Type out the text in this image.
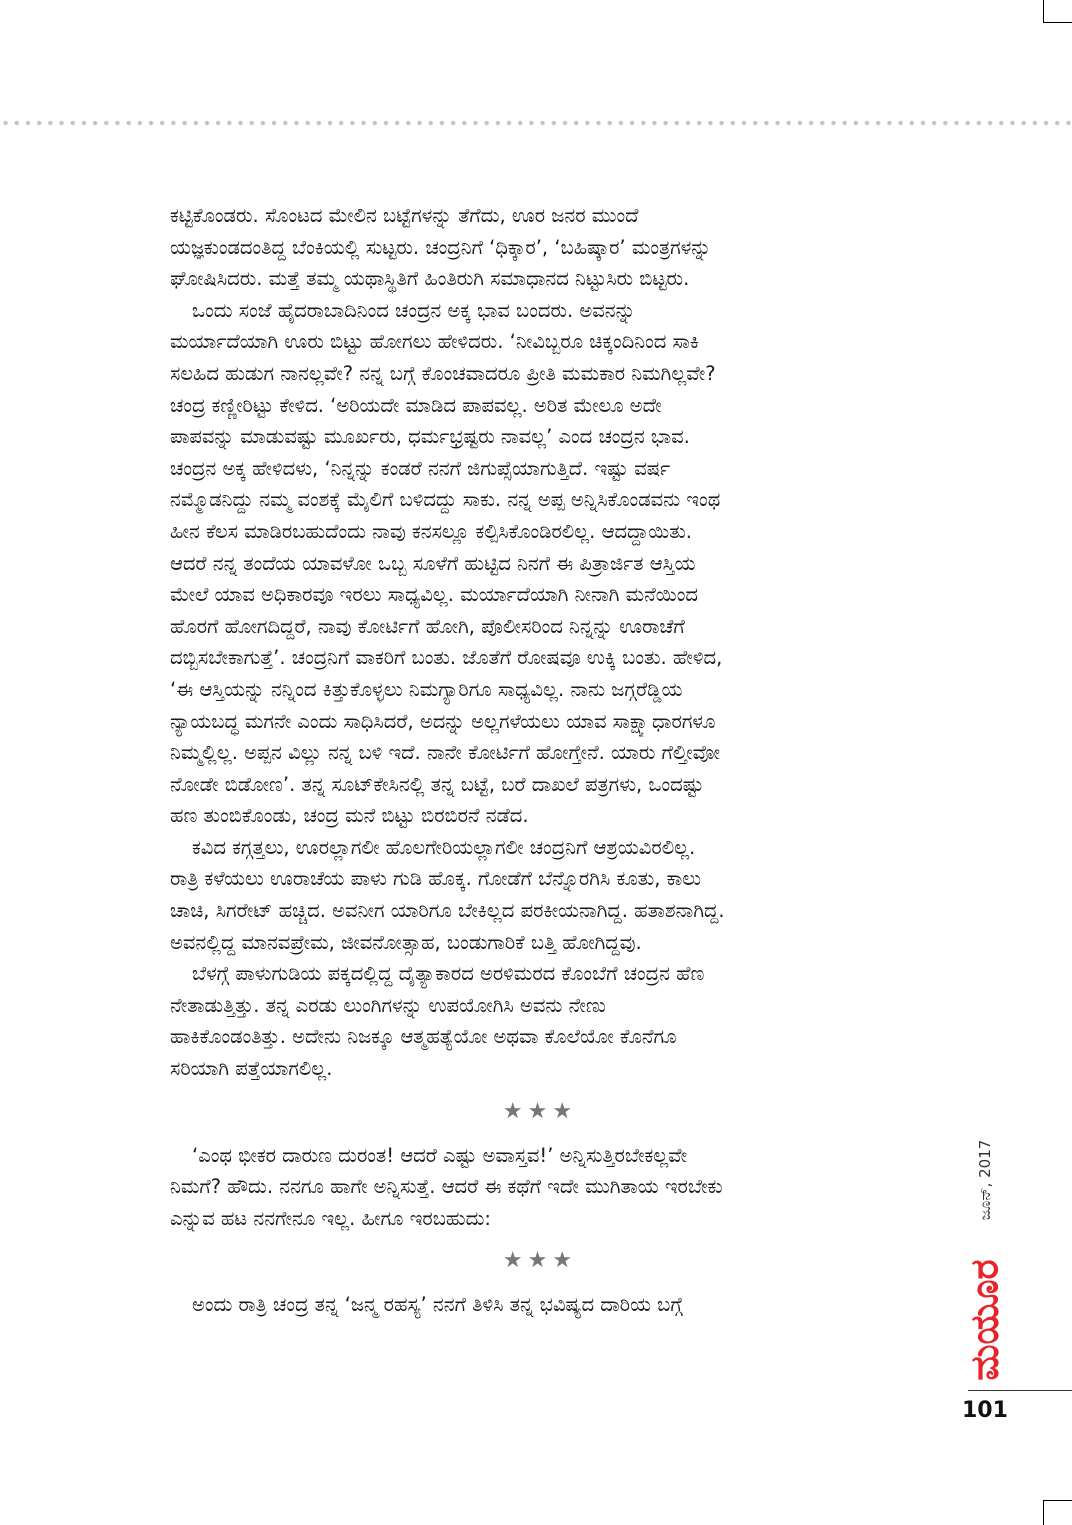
ಕಟ್ಟಿಕೊಂಡರು. ಸೊಂಟದ ಮೇಲಿನ ಬಟ್ಟೆಗಳನ್ನು ತೆಗೆದು, ಊರ ಜನರ ಮುಂದೆ
ಯಜ್ಞಕುಂಡದಂತಿದ್ದ ಬೆಂಕಿಯಲ್ಲಿ ಸುಟ್ಟರು. ಚಂದ್ರನಿಗೆ ‘ಧಿಕ್ಕಾರ’, ‘ಬಹಿಷ್ಕಾರ’ ಮಂತ್ರಗಳನ್ನು
ಘೋಷಿಸಿದರು. ಮತ್ತೆ ತಮ್ಮ ಯಥಾಸ್ಥಿತಿಗೆ ಹಿಂತಿರುಗಿ ಸಮಾಧಾನದ ನಿಟ್ಟುಸಿರು ಬಿಟ್ಟರು.

ಒಂದು ಸಂಜೆ ಹೈದರಾಬಾದಿನಿಂದ ಚಂದ್ರನ ಅಕ್ಕ ಭಾವ ಬಂದರು. ಅವನನ್ನು
ಮರ್ಯಾದೆಯಾಗಿ ಊರು ಬಿಟ್ಟು ಹೋಗಲು ಹೇಳಿದರು. ‘ನೀವಿಬ್ಬರೂ ಚಿಕ್ಕಂದಿನಿಂದ ಸಾಕಿ
ಸಲಹಿದ ಹುಡುಗ ನಾನಲ್ಲವೇ? ನನ್ನ ಬಗ್ಗೆ ಕೊಂಚವಾದರೂ ಪ್ರೀತಿ ಮಮಕಾರ ನಿಮಗಿಲ್ಲವೇ?
ಚಂದ್ರ ಕಣ್ಣೀರಿಟ್ಟು ಕೇಳಿದ. ‘ಅರಿಯದೇ ಮಾಡಿದ ಪಾಪವಲ್ಲ. ಅರಿತ ಮೇಲೂ ಅದೇ
ಪಾಪವನ್ನು ಮಾಡುವಷ್ಟು ಮೂರ್ಖರು, ಧರ್ಮಭ್ರಷ್ಟರು ನಾವಲ್ಲ’ ಎಂದ ಚಂದ್ರನ ಭಾವ.
ಚಂದ್ರನ ಅಕ್ಕ ಹೇಳಿದಳು, ‘ನಿನ್ನನ್ನು ಕಂಡರೆ ನನಗೆ ಜಿಗುಪ್ಸೆಯಾಗುತ್ತಿದೆ. ಇಷ್ಟು ವರ್ಷ
ನಮ್ಮೊಡನಿದ್ದು ನಮ್ಮ ವಂಶಕ್ಕೆ ಮೈಲಿಗೆ ಬಳಿದದ್ದು ಸಾಕು. ನನ್ನ ಅಪ್ಪ ಅನ್ನಿಸಿಕೊಂಡವನು ಇಂಥ
ಹೀನ ಕೆಲಸ ಮಾಡಿರಬಹುದೆಂದು ನಾವು ಕನಸಲ್ಲೂ ಕಲ್ಪಿಸಿಕೊಂಡಿರಲಿಲ್ಲ. ಆದದ್ದಾಯಿತು.
ಆದರೆ ನನ್ನ ತಂದೆಯ ಯಾವಳೋ ಒಬ್ಬ ಸೂಳೆಗೆ ಹುಟ್ಟಿದ ನಿನಗೆ ಈ ಪಿತ್ರಾರ್ಜಿತ ಆಸ್ತಿಯ
ಮೇಲೆ ಯಾವ ಅಧಿಕಾರವೂ ಇರಲು ಸಾಧ್ಯವಿಲ್ಲ. ಮರ್ಯಾದೆಯಾಗಿ ನೀನಾಗಿ ಮನೆಯಿಂದ
ಹೊರಗೆ ಹೋಗದಿದ್ದರೆ, ನಾವು ಕೋರ್ಟಿಗೆ ಹೋಗಿ, ಪೊಲೀಸರಿಂದ ನಿನ್ನನ್ನು ಊರಾಚೆಗೆ
ದಬ್ಬಿಸಬೇಕಾಗುತ್ತೆ’. ಚಂದ್ರನಿಗೆ ವಾಕರಿಗೆ ಬಂತು. ಜೊತೆಗೆ ರೋಷವೂ ಉಕ್ಕಿ ಬಂತು. ಹೇಳಿದ,
‘ಈ ಆಸ್ತಿಯನ್ನು ನನ್ನಿಂದ ಕಿತ್ತುಕೊಳ್ಳಲು ನಿಮಗ್ಯಾರಿಗೂ ಸಾಧ್ಯವಿಲ್ಲ. ನಾನು ಜಗ್ಗರೆಡ್ಡಿಯ
ನ್ಯಾಯಬದ್ಧ ಮಗನೇ ಎಂದು ಸಾಧಿಸಿದರೆ, ಅದನ್ನು ಅಲ್ಲಗಳೆಯಲು ಯಾವ ಸಾಕ್ಷ್ಯಾಧಾರಗಳೂ
ನಿಮ್ಮಲ್ಲಿಲ್ಲ. ಅಪ್ಪನ ವಿಲ್ಲು ನನ್ನ ಬಳಿ ಇದೆ. ನಾನೇ ಕೋರ್ಟಿಗೆ ಹೋಗ್ತೇನೆ. ಯಾರು ಗೆಲ್ತೀವೋ
ನೋಡೇ ಬಿಡೋಣ’. ತನ್ನ ಸೂಟ್‌ಕೇಸಿನಲ್ಲಿ ತನ್ನ ಬಟ್ಟೆ, ಬರೆ ದಾಖಲೆ ಪತ್ರಗಳು, ಒಂದಷ್ಟು
ಹಣ ತುಂಬಿಕೊಂಡು, ಚಂದ್ರ ಮನೆ ಬಿಟ್ಟು ಬಿರಬಿರನೆ ನಡೆದ.

ಕವಿದ ಕಗ್ಗತ್ತಲು, ಊರಲ್ಲಾಗಲೀ ಹೊಲಗೇರಿಯಲ್ಲಾಗಲೀ ಚಂದ್ರನಿಗೆ ಆಶ್ರಯವಿರಲಿಲ್ಲ.
ರಾತ್ರಿ ಕಳೆಯಲು ಊರಾಚೆಯ ಪಾಳು ಗುಡಿ ಹೊಕ್ಕ. ಗೋಡೆಗೆ ಬೆನ್ನೊರಗಿಸಿ ಕೂತು, ಕಾಲು
ಚಾಚಿ, ಸಿಗರೇಟ್ ಹಚ್ಚಿದ. ಅವನೀಗ ಯಾರಿಗೂ ಬೇಕಿಲ್ಲದ ಪರಕೀಯನಾಗಿದ್ದ. ಹತಾಶನಾಗಿದ್ದ.
ಅವನಲ್ಲಿದ್ದ ಮಾನವಪ್ರೇಮ, ಜೀವನೋತ್ಸಾಹ, ಬಂಡುಗಾರಿಕೆ ಬತ್ತಿ ಹೋಗಿದ್ದವು.

ಬೆಳಗ್ಗೆ ಪಾಳುಗುಡಿಯ ಪಕ್ಕದಲ್ಲಿದ್ದ ದೈತ್ಯಾಕಾರದ ಅರಳಿಮರದ ಕೊಂಬೆಗೆ ಚಂದ್ರನ ಹೆಣ
ನೇತಾಡುತ್ತಿತ್ತು. ತನ್ನ ಎರಡು ಲುಂಗಿಗಳನ್ನು ಉಪಯೋಗಿಸಿ ಅವನು ನೇಣು
ಹಾಕಿಕೊಂಡಂತಿತ್ತು. ಅದೇನು ನಿಜಕ್ಕೂ ಆತ್ಮಹತ್ಯೆಯೋ ಅಥವಾ ಕೊಲೆಯೋ ಕೊನೆಗೂ
ಸರಿಯಾಗಿ ಪತ್ತೆಯಾಗಲಿಲ್ಲ.

★★★

‘ಎಂಥ ಭೀಕರ ದಾರುಣ ದುರಂತ! ಆದರೆ ಎಷ್ಟು ಅವಾಸ್ತವ!’ ಅನ್ನಿಸುತ್ತಿರಬೇಕಲ್ಲವೇ
ನಿಮಗೆ? ಹೌದು. ನನಗೂ ಹಾಗೇ ಅನ್ನಿಸುತ್ತೆ. ಆದರೆ ಈ ಕಥೆಗೆ ಇದೇ ಮುಗಿತಾಯ ಇರಬೇಕು
ಎನ್ನುವ ಹಟ ನನಗೇನೂ ಇಲ್ಲ. ಹೀಗೂ ಇರಬಹುದು:

★★★

ಅಂದು ರಾತ್ರಿ ಚಂದ್ರ ತನ್ನ ‘ಜನ್ಮ ರಹಸ್ಯ’ ನನಗೆ ತಿಳಿಸಿ ತನ್ನ ಭವಿಷ್ಯದ ದಾರಿಯ ಬಗ್ಗೆ

ಜೂನ್, 2017
ಮಯೂರ
101
